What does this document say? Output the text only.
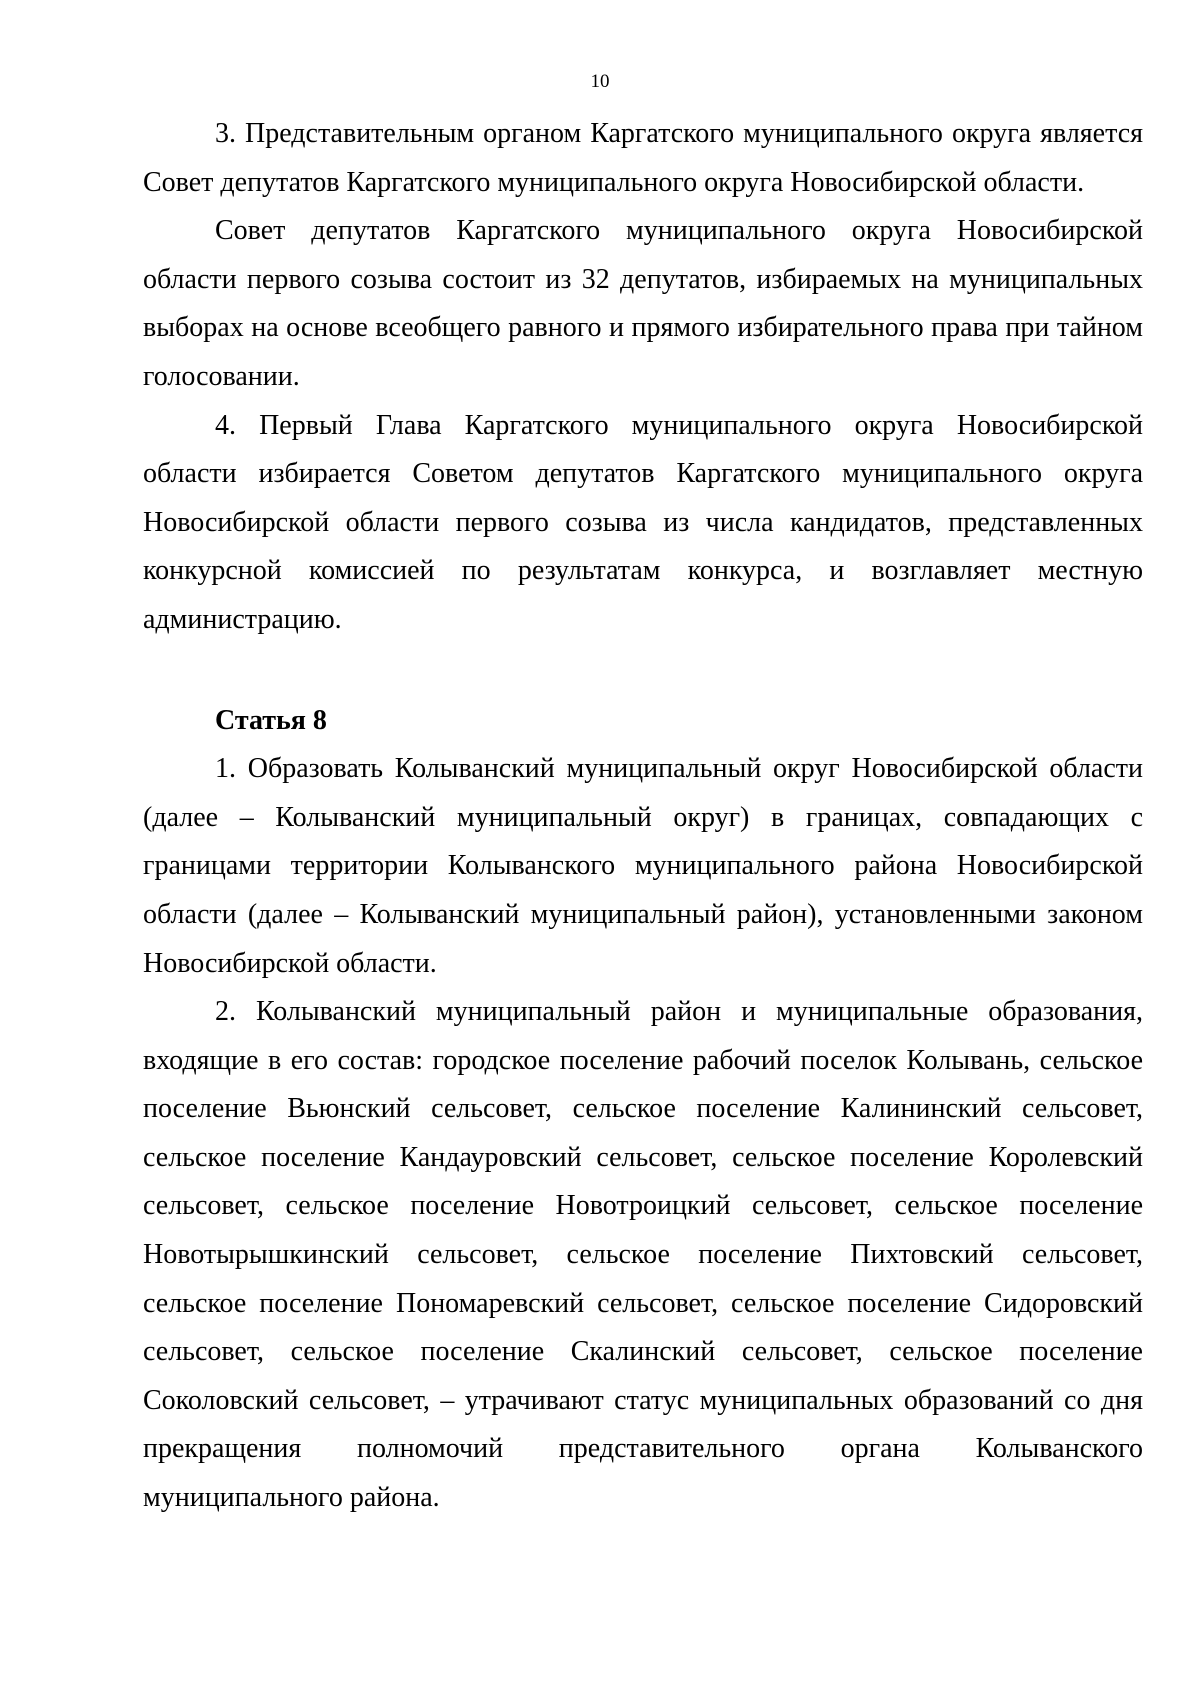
10

3. Представительным органом Каргатского муниципального округа является Совет депутатов Каргатского муниципального округа Новосибирской области.

Совет депутатов Каргатского муниципального округа Новосибирской области первого созыва состоит из 32 депутатов, избираемых на муниципальных выборах на основе всеобщего равного и прямого избирательного права при тайном голосовании.

4. Первый Глава Каргатского муниципального округа Новосибирской области избирается Советом депутатов Каргатского муниципального округа Новосибирской области первого созыва из числа кандидатов, представленных конкурсной комиссией по результатам конкурса, и возглавляет местную администрацию.

Статья 8

1. Образовать Колыванский муниципальный округ Новосибирской области (далее – Колыванский муниципальный округ) в границах, совпадающих с границами территории Колыванского муниципального района Новосибирской области (далее – Колыванский муниципальный район), установленными законом Новосибирской области.

2. Колыванский муниципальный район и муниципальные образования, входящие в его состав: городское поселение рабочий поселок Колывань, сельское поселение Вьюнский сельсовет, сельское поселение Калининский сельсовет, сельское поселение Кандауровский сельсовет, сельское поселение Королевский сельсовет, сельское поселение Новотроицкий сельсовет, сельское поселение Новотырышкинский сельсовет, сельское поселение Пихтовский сельсовет, сельское поселение Пономаревский сельсовет, сельское поселение Сидоровский сельсовет, сельское поселение Скалинский сельсовет, сельское поселение Соколовский сельсовет, – утрачивают статус муниципальных образований со дня прекращения полномочий представительного органа Колыванского муниципального района.
